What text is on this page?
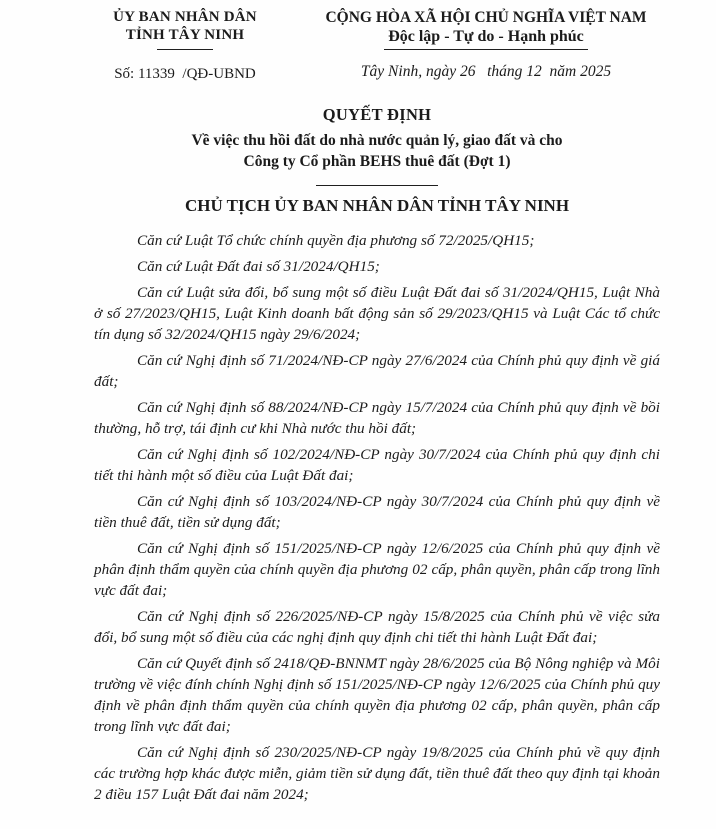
ỦY BAN NHÂN DÂN
TỈNH TÂY NINH
Số: 11339  /QĐ-UBND
CỘNG HÒA XÃ HỘI CHỦ NGHĨA VIỆT NAM
Độc lập - Tự do - Hạnh phúc
Tây Ninh, ngày 26   tháng 12  năm 2025
QUYẾT ĐỊNH
Về việc thu hồi đất do nhà nước quản lý, giao đất và cho
Công ty Cổ phần BEHS thuê đất (Đợt 1)
CHỦ TỊCH ỦY BAN NHÂN DÂN TỈNH TÂY NINH

Căn cứ Luật Tổ chức chính quyền địa phương số 72/2025/QH15;

Căn cứ Luật Đất đai số 31/2024/QH15;

Căn cứ Luật sửa đổi, bổ sung một số điều Luật Đất đai số 31/2024/QH15, Luật Nhà ở số 27/2023/QH15, Luật Kinh doanh bất động sản số 29/2023/QH15 và Luật Các tổ chức tín dụng số 32/2024/QH15 ngày 29/6/2024;

Căn cứ Nghị định số 71/2024/NĐ-CP ngày 27/6/2024 của Chính phủ quy định về giá đất;

Căn cứ Nghị định số 88/2024/NĐ-CP ngày 15/7/2024 của Chính phủ quy định về bồi thường, hỗ trợ, tái định cư khi Nhà nước thu hồi đất;

Căn cứ Nghị định số 102/2024/NĐ-CP ngày 30/7/2024 của Chính phủ quy định chi tiết thi hành một số điều của Luật Đất đai;

Căn cứ Nghị định số 103/2024/NĐ-CP ngày 30/7/2024 của Chính phủ quy định về tiền thuê đất, tiền sử dụng đất;

Căn cứ Nghị định số 151/2025/NĐ-CP ngày 12/6/2025 của Chính phủ quy định về phân định thẩm quyền của chính quyền địa phương 02 cấp, phân quyền, phân cấp trong lĩnh vực đất đai;

Căn cứ Nghị định số 226/2025/NĐ-CP ngày 15/8/2025 của Chính phủ về việc sửa đổi, bổ sung một số điều của các nghị định quy định chi tiết thi hành Luật Đất đai;

Căn cứ Quyết định số 2418/QĐ-BNNMT ngày 28/6/2025 của Bộ Nông nghiệp và Môi trường về việc đính chính Nghị định số 151/2025/NĐ-CP ngày 12/6/2025 của Chính phủ quy định về phân định thẩm quyền của chính quyền địa phương 02 cấp, phân quyền, phân cấp trong lĩnh vực đất đai;

Căn cứ Nghị định số 230/2025/NĐ-CP ngày 19/8/2025 của Chính phủ về quy định các trường hợp khác được miễn, giảm tiền sử dụng đất, tiền thuê đất theo quy định tại khoản 2 điều 157 Luật Đất đai năm 2024;
